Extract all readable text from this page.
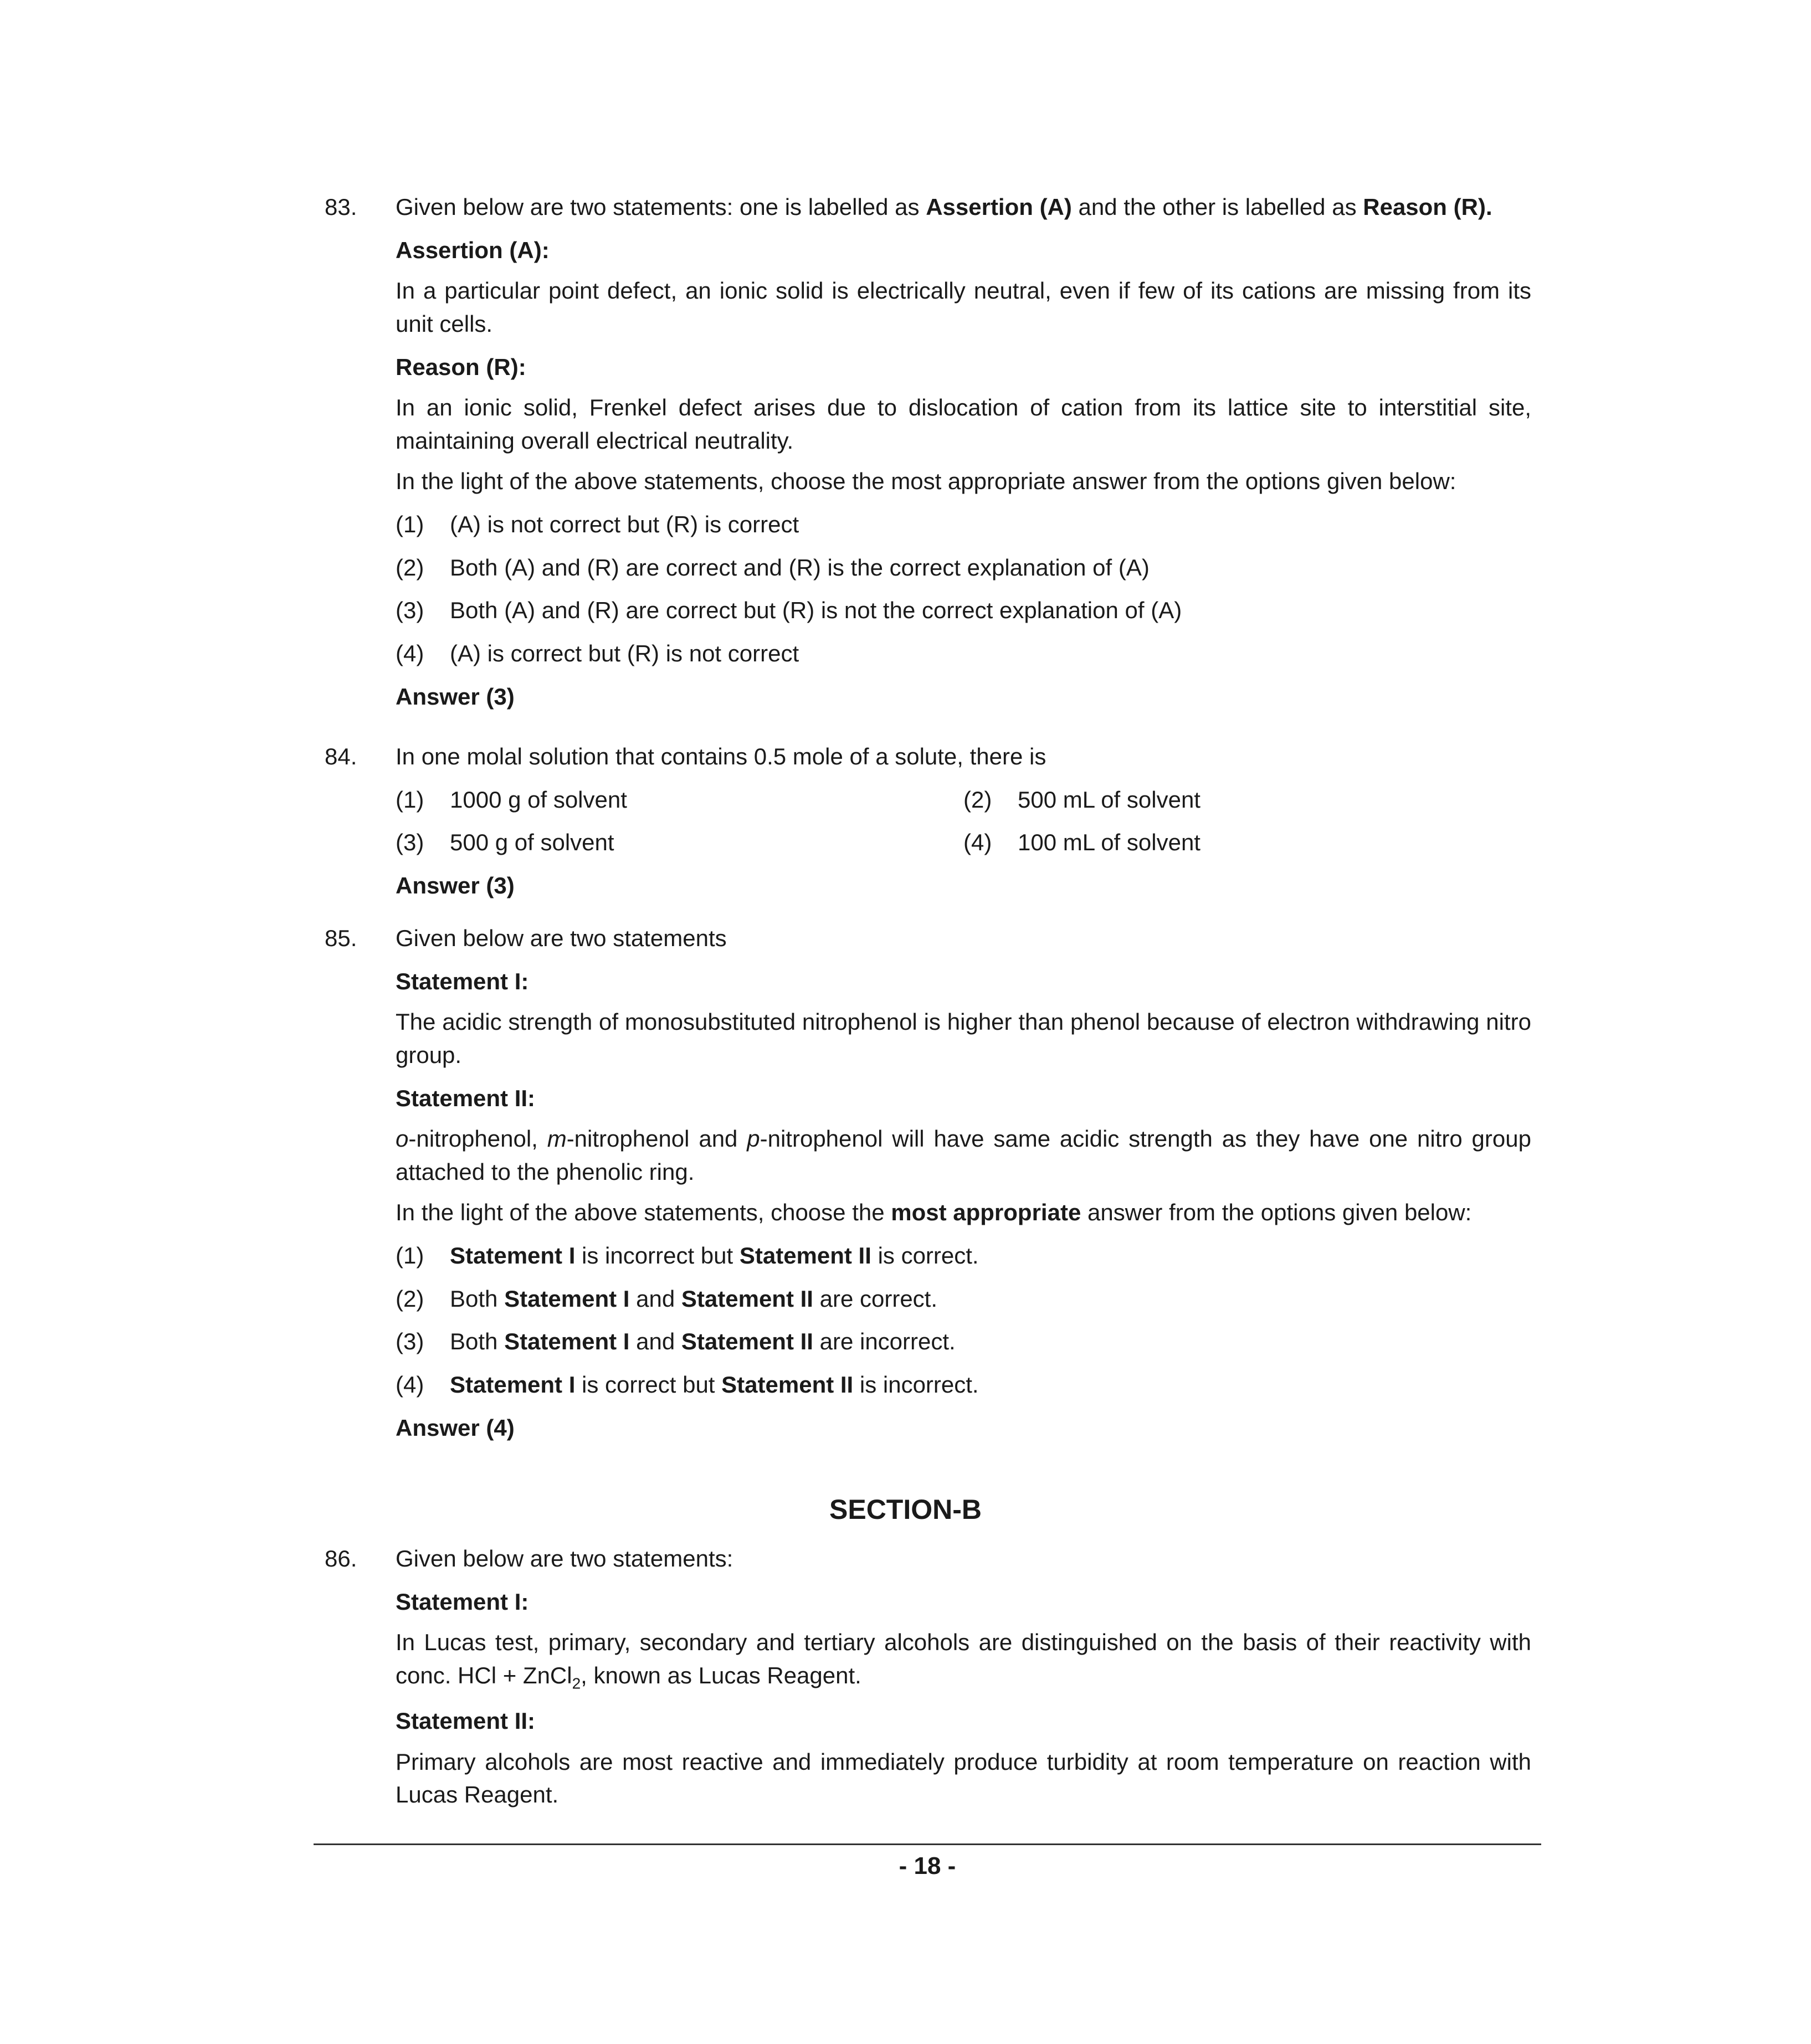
83.	Given below are two statements: one is labelled as Assertion (A) and the other is labelled as Reason (R).
Assertion (A):
In a particular point defect, an ionic solid is electrically neutral, even if few of its cations are missing from its unit cells.
Reason (R):
In an ionic solid, Frenkel defect arises due to dislocation of cation from its lattice site to interstitial site, maintaining overall electrical neutrality.
In the light of the above statements, choose the most appropriate answer from the options given below:
(1)	(A) is not correct but (R) is correct
(2)	Both (A) and (R) are correct and (R) is the correct explanation of (A)
(3)	Both (A) and (R) are correct but (R) is not the correct explanation of (A)
(4)	(A) is correct but (R) is not correct
Answer (3)
84.	In one molal solution that contains 0.5 mole of a solute, there is
(1)	1000 g of solvent	(2)	500 mL of solvent
(3)	500 g of solvent	(4)	100 mL of solvent
Answer (3)
85.	Given below are two statements
Statement I:
The acidic strength of monosubstituted nitrophenol is higher than phenol because of electron withdrawing nitro group.
Statement II:
o-nitrophenol, m-nitrophenol and p-nitrophenol will have same acidic strength as they have one nitro group attached to the phenolic ring.
In the light of the above statements, choose the most appropriate answer from the options given below:
(1)	Statement I is incorrect but Statement II is correct.
(2)	Both Statement I and Statement II are correct.
(3)	Both Statement I and Statement II are incorrect.
(4)	Statement I is correct but Statement II is incorrect.
Answer (4)
SECTION-B
86.	Given below are two statements:
Statement I:
In Lucas test, primary, secondary and tertiary alcohols are distinguished on the basis of their reactivity with conc. HCl + ZnCl$_2$, known as Lucas Reagent.
Statement II:
Primary alcohols are most reactive and immediately produce turbidity at room temperature on reaction with Lucas Reagent.
- 18 -
